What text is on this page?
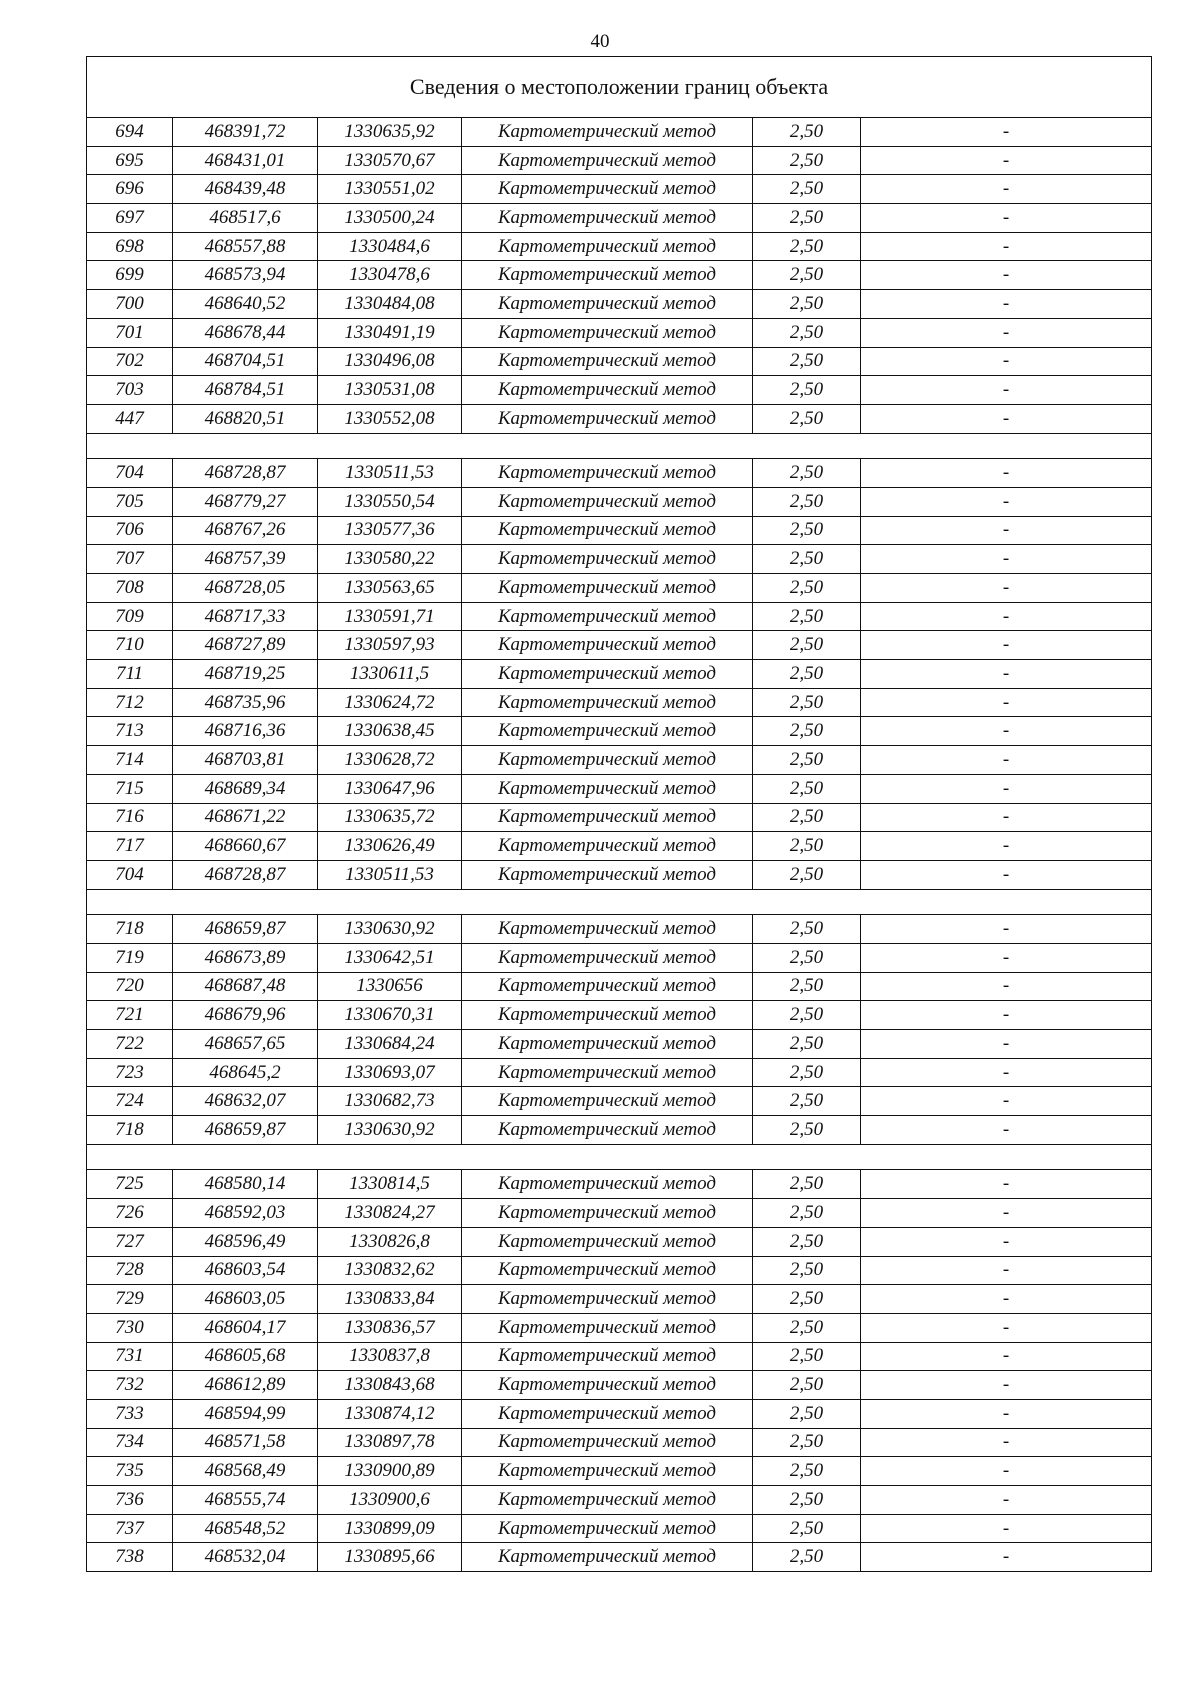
40
Сведения о местоположении границ объекта					
694	468391,72	1330635,92	Картометрический метод	2,50	-
695	468431,01	1330570,67	Картометрический метод	2,50	-
696	468439,48	1330551,02	Картометрический метод	2,50	-
697	468517,6	1330500,24	Картометрический метод	2,50	-
698	468557,88	1330484,6	Картометрический метод	2,50	-
699	468573,94	1330478,6	Картометрический метод	2,50	-
700	468640,52	1330484,08	Картометрический метод	2,50	-
701	468678,44	1330491,19	Картометрический метод	2,50	-
702	468704,51	1330496,08	Картометрический метод	2,50	-
703	468784,51	1330531,08	Картометрический метод	2,50	-
447	468820,51	1330552,08	Картометрический метод	2,50	-

704	468728,87	1330511,53	Картометрический метод	2,50	-
705	468779,27	1330550,54	Картометрический метод	2,50	-
706	468767,26	1330577,36	Картометрический метод	2,50	-
707	468757,39	1330580,22	Картометрический метод	2,50	-
708	468728,05	1330563,65	Картометрический метод	2,50	-
709	468717,33	1330591,71	Картометрический метод	2,50	-
710	468727,89	1330597,93	Картометрический метод	2,50	-
711	468719,25	1330611,5	Картометрический метод	2,50	-
712	468735,96	1330624,72	Картометрический метод	2,50	-
713	468716,36	1330638,45	Картометрический метод	2,50	-
714	468703,81	1330628,72	Картометрический метод	2,50	-
715	468689,34	1330647,96	Картометрический метод	2,50	-
716	468671,22	1330635,72	Картометрический метод	2,50	-
717	468660,67	1330626,49	Картометрический метод	2,50	-
704	468728,87	1330511,53	Картометрический метод	2,50	-

718	468659,87	1330630,92	Картометрический метод	2,50	-
719	468673,89	1330642,51	Картометрический метод	2,50	-
720	468687,48	1330656	Картометрический метод	2,50	-
721	468679,96	1330670,31	Картометрический метод	2,50	-
722	468657,65	1330684,24	Картометрический метод	2,50	-
723	468645,2	1330693,07	Картометрический метод	2,50	-
724	468632,07	1330682,73	Картометрический метод	2,50	-
718	468659,87	1330630,92	Картометрический метод	2,50	-

725	468580,14	1330814,5	Картометрический метод	2,50	-
726	468592,03	1330824,27	Картометрический метод	2,50	-
727	468596,49	1330826,8	Картометрический метод	2,50	-
728	468603,54	1330832,62	Картометрический метод	2,50	-
729	468603,05	1330833,84	Картометрический метод	2,50	-
730	468604,17	1330836,57	Картометрический метод	2,50	-
731	468605,68	1330837,8	Картометрический метод	2,50	-
732	468612,89	1330843,68	Картометрический метод	2,50	-
733	468594,99	1330874,12	Картометрический метод	2,50	-
734	468571,58	1330897,78	Картометрический метод	2,50	-
735	468568,49	1330900,89	Картометрический метод	2,50	-
736	468555,74	1330900,6	Картометрический метод	2,50	-
737	468548,52	1330899,09	Картометрический метод	2,50	-
738	468532,04	1330895,66	Картометрический метод	2,50	-
